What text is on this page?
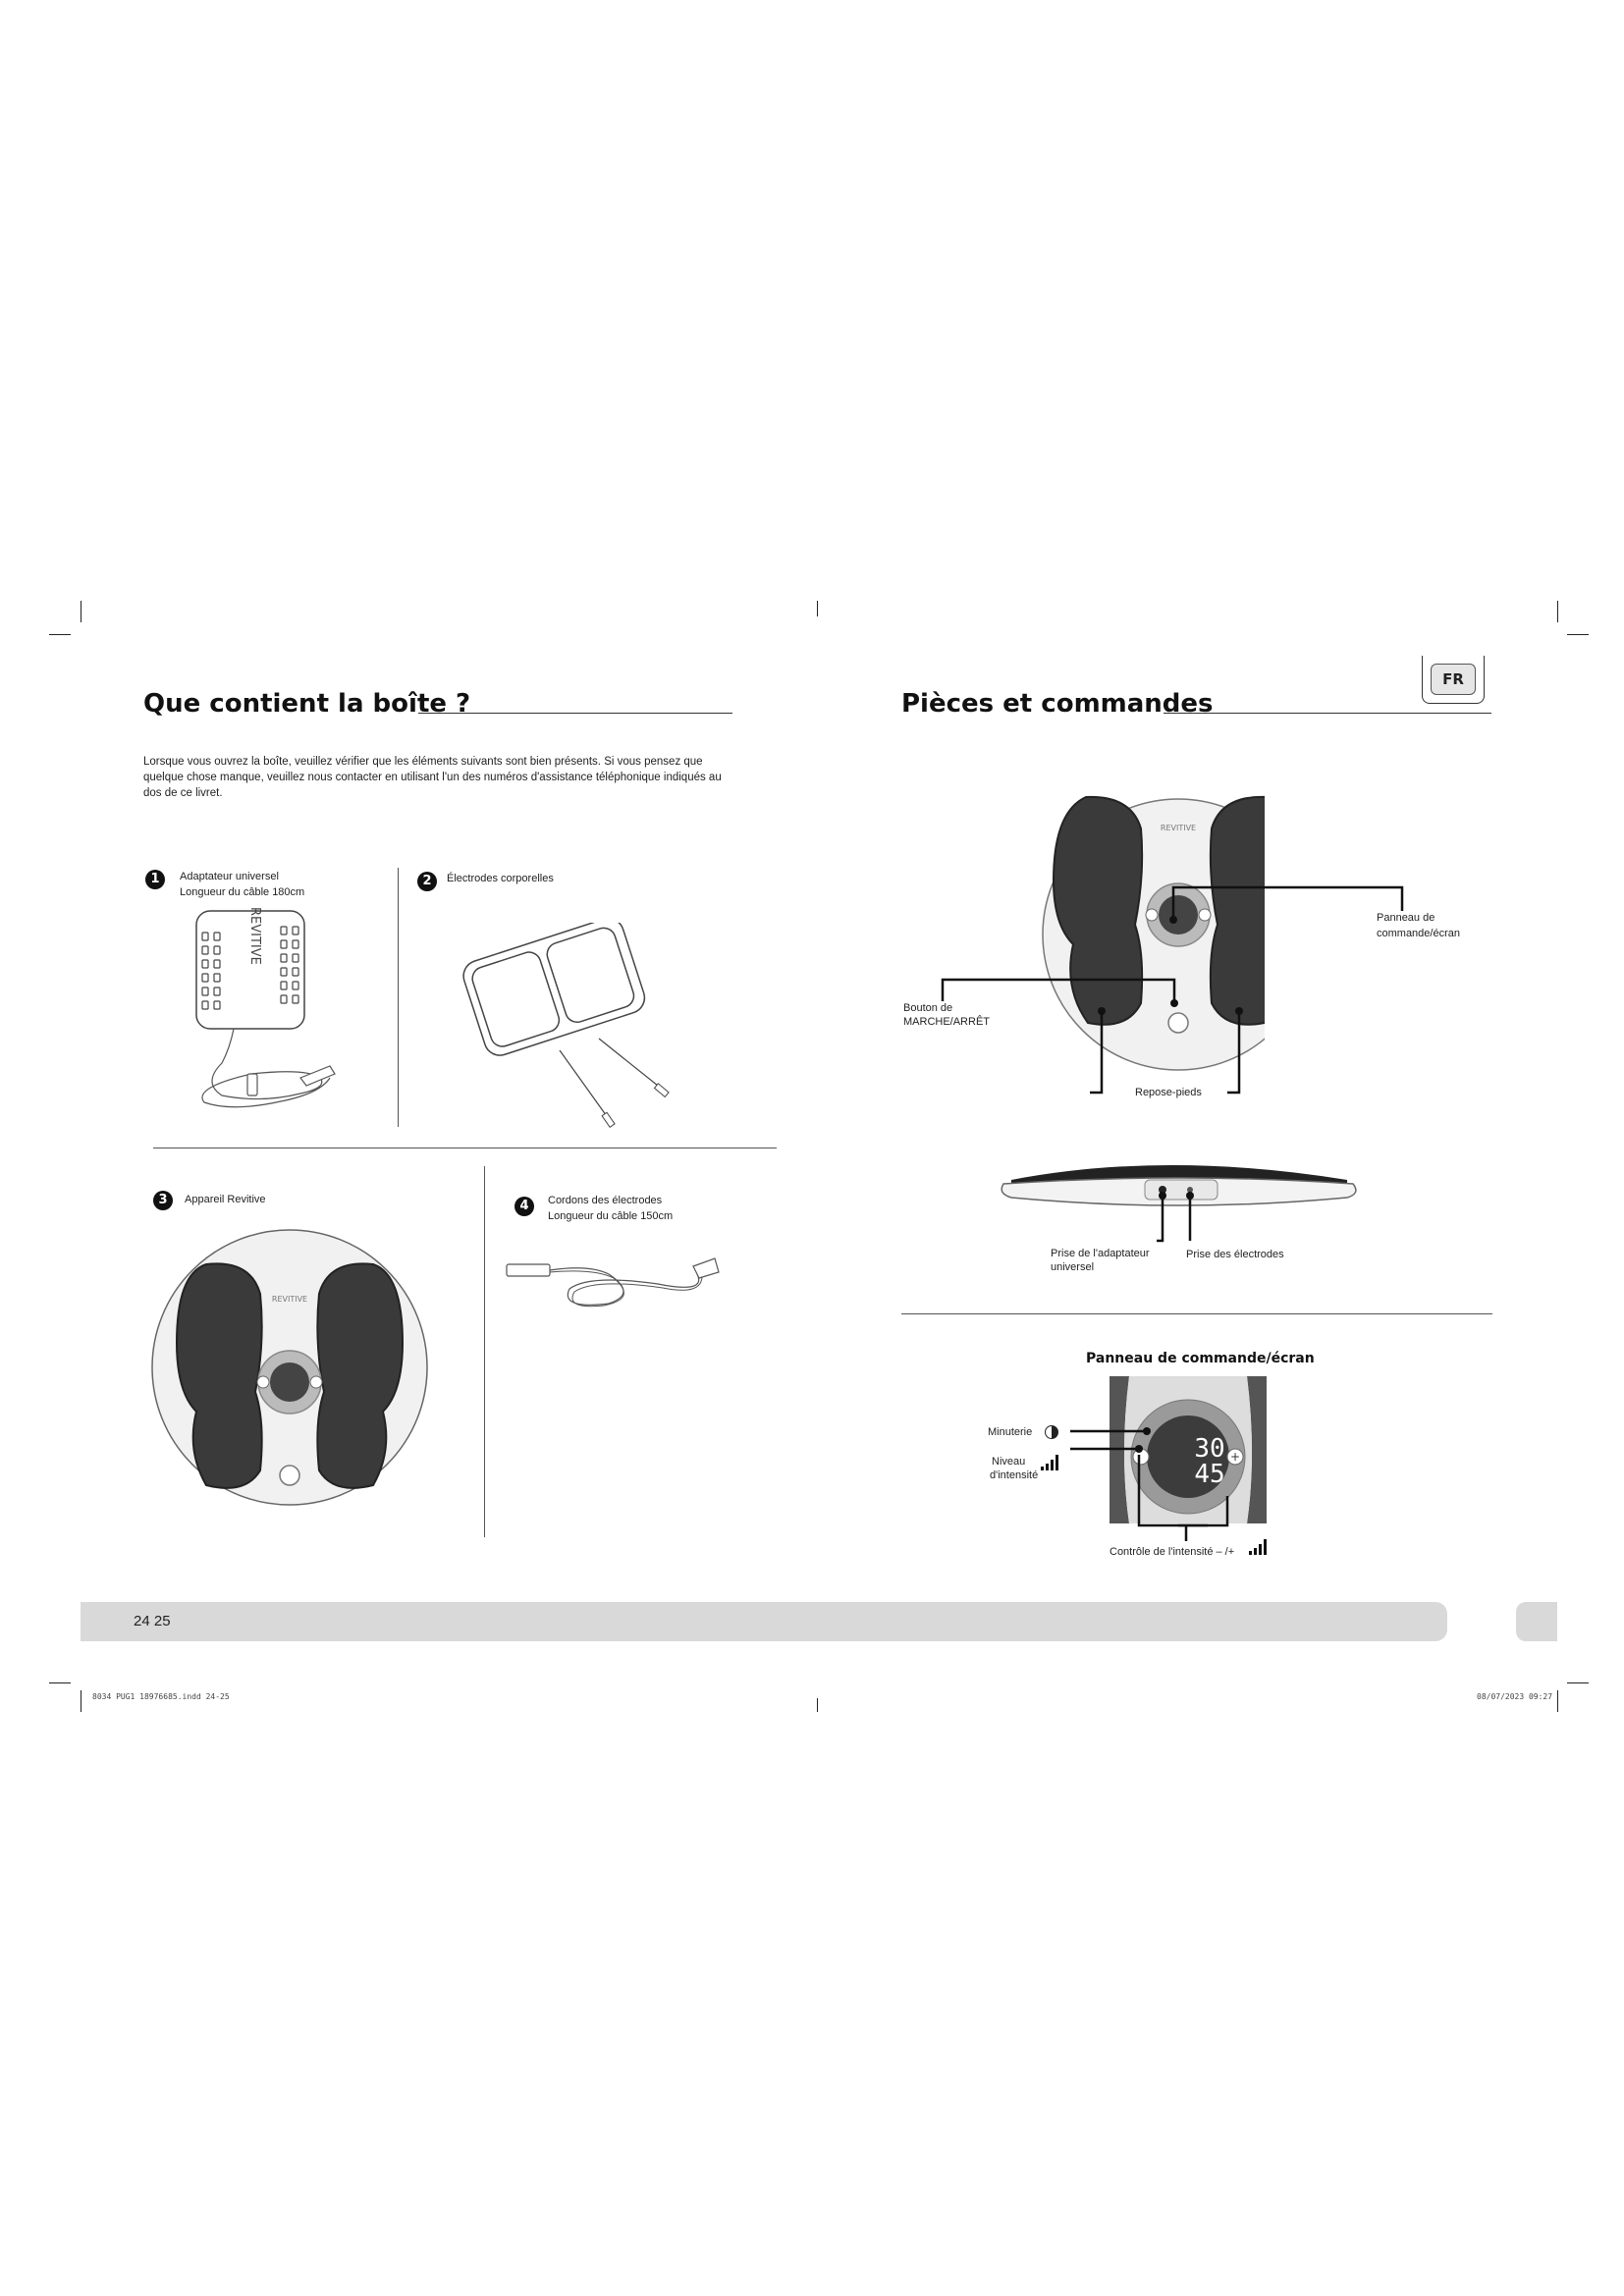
Que contient la boîte ?
Lorsque vous ouvrez la boîte, veuillez vérifier que les éléments suivants sont bien présents. Si vous pensez que quelque chose manque, veuillez nous contacter en utilisant l'un des numéros d'assistance téléphonique indiqués au dos de ce livret.
1	Adaptateur universel
Longueur du câble 180cm
REVITIVE
2	Électrodes corporelles
3	Appareil Revitive
REVITIVE
4	Cordons des électrodes
Longueur du câble 150cm
FR
Pièces et commandes
REVITIVE
Panneau de
commande/écran
Bouton de
MARCHE/ARRÊT
Repose-pieds
Prise de l'adaptateur
universel
Prise des électrodes
Panneau de commande/écran
30
45
+
Minuterie
Niveau
d'intensité
Contrôle de l'intensité – /+
24 25
8034 PUG1 18976685.indd 24-25	08/07/2023 09:27
